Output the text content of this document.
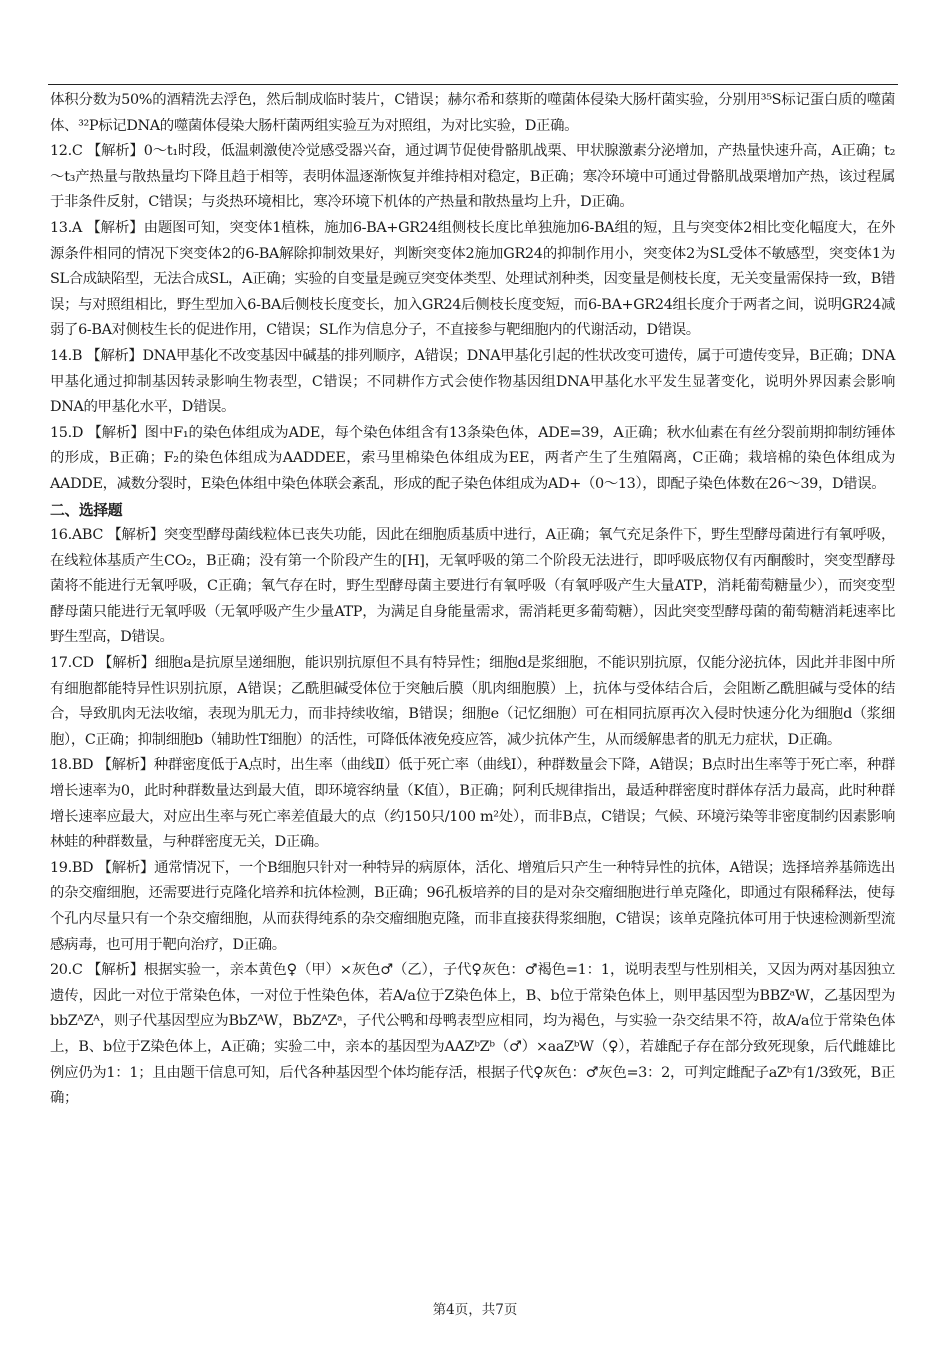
体积分数为50%的酒精洗去浮色，然后制成临时装片，C错误；赫尔希和蔡斯的噬菌体侵染大肠杆菌实验，分别用³⁵S标记蛋白质的噬菌体、³²P标记DNA的噬菌体侵染大肠杆菌两组实验互为对照组，为对比实验，D正确。

12.C 【解析】0～t₁时段，低温刺激使冷觉感受器兴奋，通过调节促使骨骼肌战栗、甲状腺激素分泌增加，产热量快速升高，A正确；t₂～t₃产热量与散热量均下降且趋于相等，表明体温逐渐恢复并维持相对稳定，B正确；寒冷环境中可通过骨骼肌战栗增加产热，该过程属于非条件反射，C错误；与炎热环境相比，寒冷环境下机体的产热量和散热量均上升，D正确。

13.A 【解析】由题图可知，突变体1植株，施加6-BA+GR24组侧枝长度比单独施加6-BA组的短，且与突变体2相比变化幅度大，在外源条件相同的情况下突变体2的6-BA解除抑制效果好，判断突变体2施加GR24的抑制作用小，突变体2为SL受体不敏感型，突变体1为SL合成缺陷型，无法合成SL，A正确；实验的自变量是豌豆突变体类型、处理试剂种类，因变量是侧枝长度，无关变量需保持一致，B错误；与对照组相比，野生型加入6-BA后侧枝长度变长，加入GR24后侧枝长度变短，而6-BA+GR24组长度介于两者之间，说明GR24减弱了6-BA对侧枝生长的促进作用，C错误；SL作为信息分子，不直接参与靶细胞内的代谢活动，D错误。

14.B 【解析】DNA甲基化不改变基因中碱基的排列顺序，A错误；DNA甲基化引起的性状改变可遗传，属于可遗传变异，B正确；DNA甲基化通过抑制基因转录影响生物表型，C错误；不同耕作方式会使作物基因组DNA甲基化水平发生显著变化，说明外界因素会影响DNA的甲基化水平，D错误。

15.D 【解析】图中F₁的染色体组成为ADE，每个染色体组含有13条染色体，ADE=39，A正确；秋水仙素在有丝分裂前期抑制纺锤体的形成，B正确；F₂的染色体组成为AADDEE，索马里棉染色体组成为EE，两者产生了生殖隔离，C正确；栽培棉的染色体组成为AADDE，减数分裂时，E染色体组中染色体联会紊乱，形成的配子染色体组成为AD+（0～13），即配子染色体数在26～39，D错误。

二、选择题

16.ABC 【解析】突变型酵母菌线粒体已丧失功能，因此在细胞质基质中进行，A正确；氧气充足条件下，野生型酵母菌进行有氧呼吸，在线粒体基质产生CO₂，B正确；没有第一个阶段产生的[H]，无氧呼吸的第二个阶段无法进行，即呼吸底物仅有丙酮酸时，突变型酵母菌将不能进行无氧呼吸，C正确；氧气存在时，野生型酵母菌主要进行有氧呼吸（有氧呼吸产生大量ATP，消耗葡萄糖量少），而突变型酵母菌只能进行无氧呼吸（无氧呼吸产生少量ATP，为满足自身能量需求，需消耗更多葡萄糖），因此突变型酵母菌的葡萄糖消耗速率比野生型高，D错误。

17.CD 【解析】细胞a是抗原呈递细胞，能识别抗原但不具有特异性；细胞d是浆细胞，不能识别抗原，仅能分泌抗体，因此并非图中所有细胞都能特异性识别抗原，A错误；乙酰胆碱受体位于突触后膜（肌肉细胞膜）上，抗体与受体结合后，会阻断乙酰胆碱与受体的结合，导致肌肉无法收缩，表现为肌无力，而非持续收缩，B错误；细胞e（记忆细胞）可在相同抗原再次入侵时快速分化为细胞d（浆细胞），C正确；抑制细胞b（辅助性T细胞）的活性，可降低体液免疫应答，减少抗体产生，从而缓解患者的肌无力症状，D正确。

18.BD 【解析】种群密度低于A点时，出生率（曲线Ⅱ）低于死亡率（曲线Ⅰ），种群数量会下降，A错误；B点时出生率等于死亡率，种群增长速率为0，此时种群数量达到最大值，即环境容纳量（K值），B正确；阿利氏规律指出，最适种群密度时群体存活力最高，此时种群增长速率应最大，对应出生率与死亡率差值最大的点（约150只/100 m²处），而非B点，C错误；气候、环境污染等非密度制约因素影响林蛙的种群数量，与种群密度无关，D正确。

19.BD 【解析】通常情况下，一个B细胞只针对一种特异的病原体，活化、增殖后只产生一种特异性的抗体，A错误；选择培养基筛选出的杂交瘤细胞，还需要进行克隆化培养和抗体检测，B正确；96孔板培养的目的是对杂交瘤细胞进行单克隆化，即通过有限稀释法，使每个孔内尽量只有一个杂交瘤细胞，从而获得纯系的杂交瘤细胞克隆，而非直接获得浆细胞，C错误；该单克隆抗体可用于快速检测新型流感病毒，也可用于靶向治疗，D正确。

20.C 【解析】根据实验一，亲本黄色♀（甲）×灰色♂（乙），子代♀灰色：♂褐色=1：1，说明表型与性别相关，又因为两对基因独立遗传，因此一对位于常染色体，一对位于性染色体，若A/a位于Z染色体上，B、b位于常染色体上，则甲基因型为BBZᵃW，乙基因型为bbZᴬZᴬ，则子代基因型应为BbZᴬW，BbZᴬZᵃ，子代公鸭和母鸭表型应相同，均为褐色，与实验一杂交结果不符，故A/a位于常染色体上，B、b位于Z染色体上，A正确；实验二中，亲本的基因型为AAZᵇZᵇ（♂）×aaZᵇW（♀），若雄配子存在部分致死现象，后代雌雄比例应仍为1：1；且由题干信息可知，后代各种基因型个体均能存活，根据子代♀灰色：♂灰色=3：2，可判定雌配子aZᵇ有1/3致死，B正确；

第4页，共7页
